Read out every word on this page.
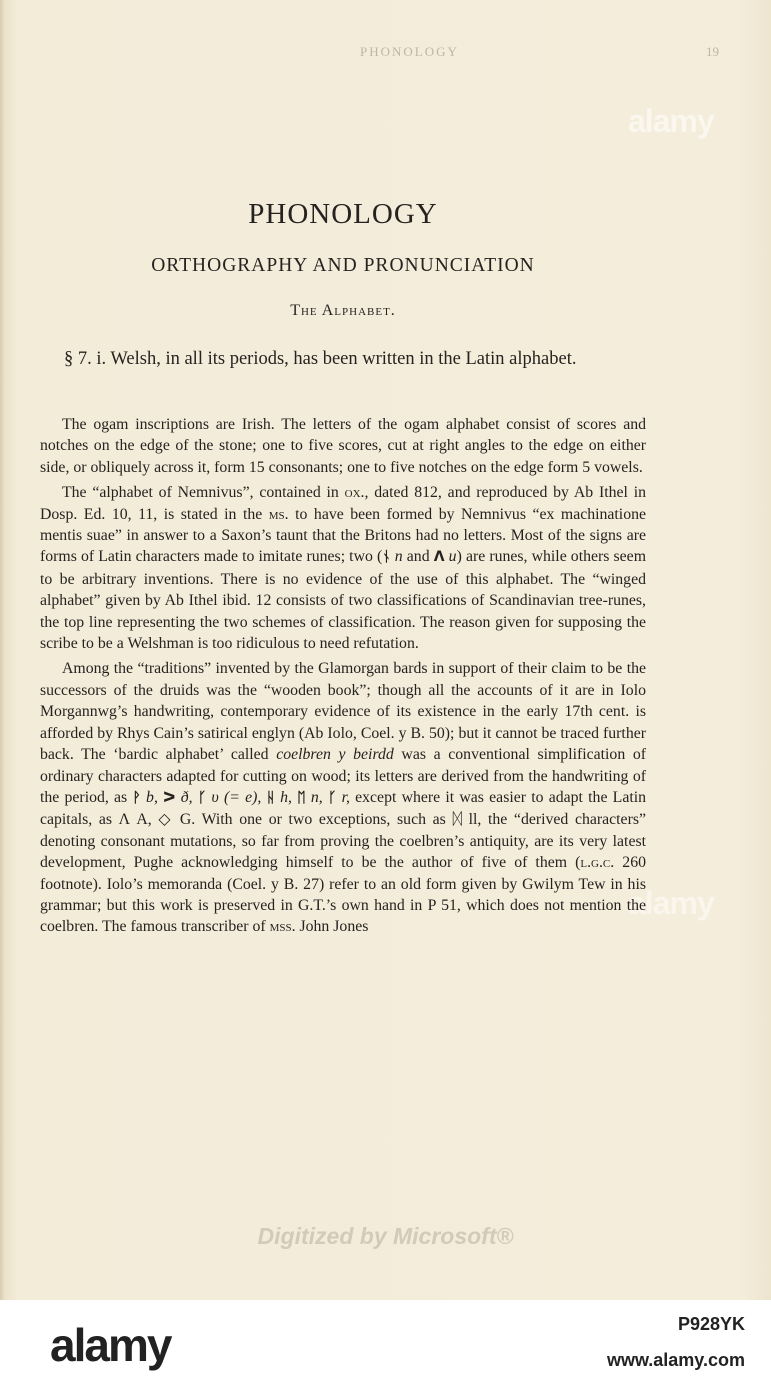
PHONOLOGY	19
alamy
alamy
PHONOLOGY
ORTHOGRAPHY AND PRONUNCIATION
The Alphabet.
§ 7. i. Welsh, in all its periods, has been written in the Latin alphabet.

The ogam inscriptions are Irish. The letters of the ogam alphabet consist of scores and notches on the edge of the stone; one to five scores, cut at right angles to the edge on either side, or obliquely across it, form 15 consonants; one to five notches on the edge form 5 vowels.

The “alphabet of Nemnivus”, contained in ox., dated 812, and reproduced by Ab Ithel in Dosp. Ed. 10, 11, is stated in the ms. to have been formed by Nemnivus “ex machinatione mentis suae” in answer to a Saxon’s taunt that the Britons had no letters. Most of the signs are forms of Latin characters made to imitate runes; two (ᚾ n and Λ u) are runes, while others seem to be arbitrary inventions. There is no evidence of the use of this alphabet. The “winged alphabet” given by Ab Ithel ibid. 12 consists of two classifications of Scandinavian tree-runes, the top line representing the two schemes of classification. The reason given for supposing the scribe to be a Welshman is too ridiculous to need refutation.

Among the “traditions” invented by the Glamorgan bards in support of their claim to be the successors of the druids was the “wooden book”; though all the accounts of it are in Iolo Morgannwg’s handwriting, contemporary evidence of its existence in the early 17th cent. is afforded by Rhys Cain’s satirical englyn (Ab Iolo, Coel. y B. 50); but it cannot be traced further back. The ‘bardic alphabet’ called coelbren y beirdd was a conventional simplification of ordinary characters adapted for cutting on wood; its letters are derived from the handwriting of the period, as ᚹ b, ᐳ ð, ᚴ υ (= e), ᚺ h, ᛖ n, ᚴ r, except where it was easier to adapt the Latin capitals, as Λ A, ◇ G. With one or two exceptions, such as ᛞ ll, the “derived characters” denoting consonant mutations, so far from proving the coelbren’s antiquity, are its very latest development, Pughe acknowledging himself to be the author of five of them (l.g.c. 260 footnote). Iolo’s memoranda (Coel. y B. 27) refer to an old form given by Gwilym Tew in his grammar; but this work is preserved in G.T.’s own hand in P 51, which does not mention the coelbren. The famous transcriber of mss. John Jones

Digitized by Microsoft®
alamy	P928YK
www.alamy.com
